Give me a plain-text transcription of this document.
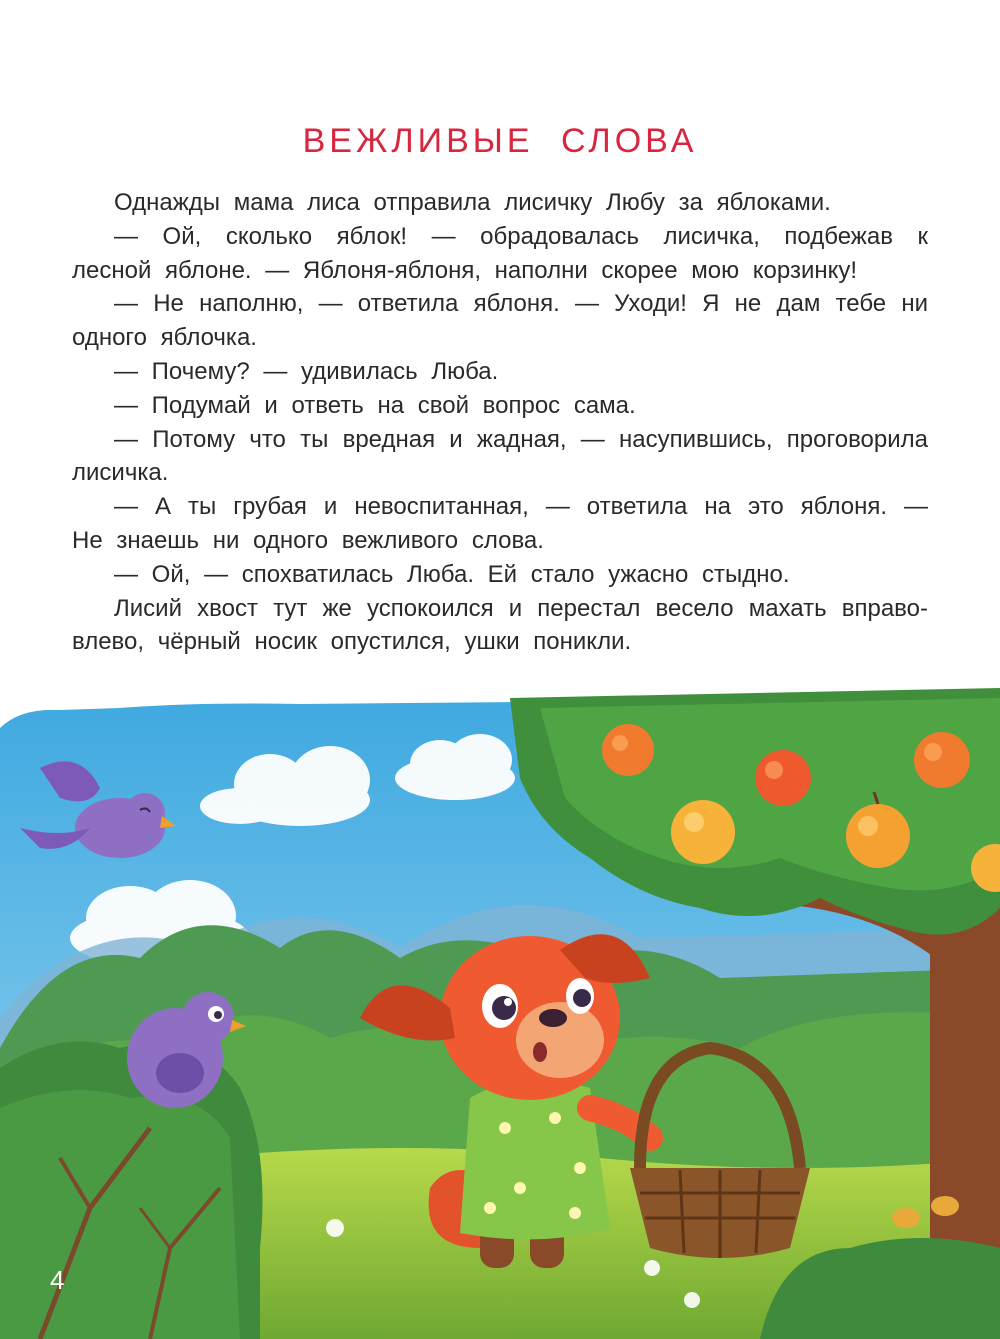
ВЕЖЛИВЫЕ СЛОВА

Однажды мама лиса отправила лисичку Любу за яблоками.

— Ой, сколько яблок! — обрадовалась лисичка, подбежав к лесной яблоне. — Яблоня-яблоня, наполни скорее мою корзинку!

— Не наполню, — ответила яблоня. — Уходи! Я не дам тебе ни одного яблочка.

— Почему? — удивилась Люба.

— Подумай и ответь на свой вопрос сама.

— Потому что ты вредная и жадная, — насупившись, проговорила лисичка.

— А ты грубая и невоспитанная, — ответила на это яблоня. — Не знаешь ни одного вежливого слова.

— Ой, — спохватилась Люба. Ей стало ужасно стыдно.

Лисий хвост тут же успокоился и перестал весело махать вправо-влево, чёрный носик опустился, ушки поникли.

4
